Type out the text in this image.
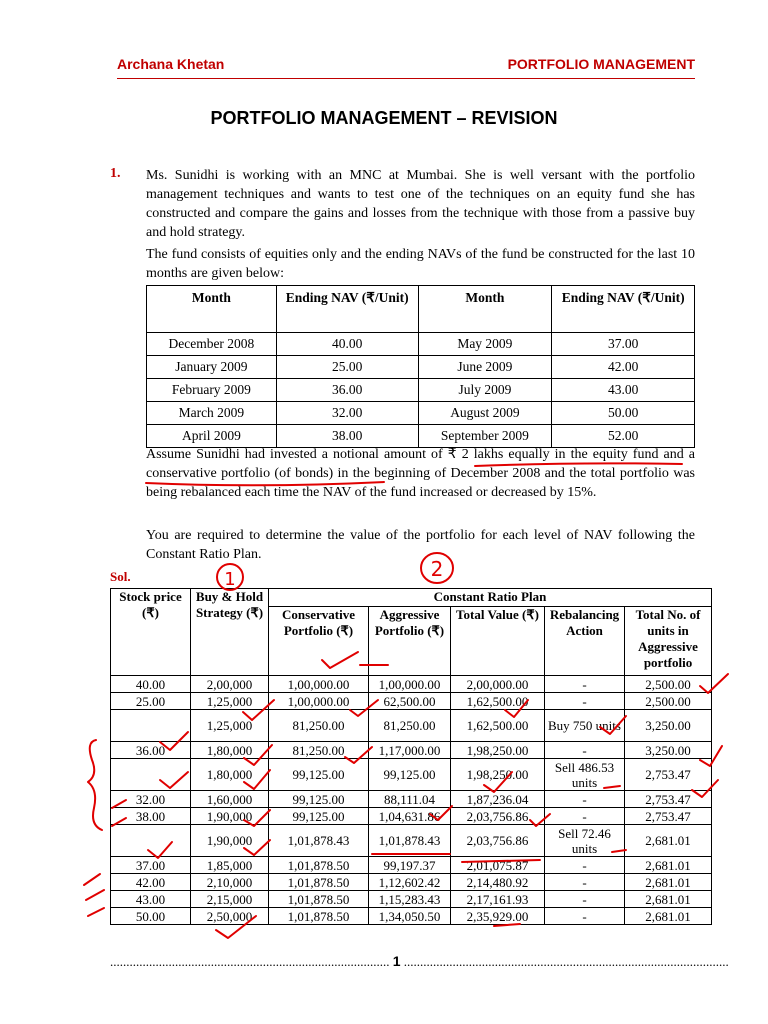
Archana Khetan	PORTFOLIO MANAGEMENT
PORTFOLIO MANAGEMENT – REVISION
1. Ms. Sunidhi is working with an MNC at Mumbai. She is well versant with the portfolio management techniques and wants to test one of the techniques on an equity fund she has constructed and compare the gains and losses from the technique with those from a passive buy and hold strategy.
The fund consists of equities only and the ending NAVs of the fund be constructed for the last 10 months are given below:
Month	Ending NAV (₹/Unit)	Month	Ending NAV (₹/Unit)
December 2008	40.00	May 2009	37.00
January 2009	25.00	June 2009	42.00
February 2009	36.00	July 2009	43.00
March 2009	32.00	August 2009	50.00
April 2009	38.00	September 2009	52.00
Assume Sunidhi had invested a notional amount of ₹ 2 lakhs equally in the equity fund and a conservative portfolio (of bonds) in the beginning of December 2008 and the total portfolio was being rebalanced each time the NAV of the fund increased or decreased by 15%.
You are required to determine the value of the portfolio for each level of NAV following the Constant Ratio Plan.
Sol.
Stock price (₹)	Buy & Hold Strategy (₹)	Constant Ratio Plan				
		Conservative Portfolio (₹)	Aggressive Portfolio (₹)	Total Value (₹)	Rebalancing Action	Total No. of units in Aggressive portfolio
40.00	2,00,000	1,00,000.00	1,00,000.00	2,00,000.00	-	2,500.00
25.00	1,25,000	1,00,000.00	62,500.00	1,62,500.00	-	2,500.00
	1,25,000	81,250.00	81,250.00	1,62,500.00	Buy 750 units	3,250.00
36.00	1,80,000	81,250.00	1,17,000.00	1,98,250.00	-	3,250.00
	1,80,000	99,125.00	99,125.00	1,98,250.00	Sell 486.53 units	2,753.47
32.00	1,60,000	99,125.00	88,111.04	1,87,236.04	-	2,753.47
38.00	1,90,000	99,125.00	1,04,631.86	2,03,756.86	-	2,753.47
	1,90,000	1,01,878.43	1,01,878.43	2,03,756.86	Sell 72.46 units	2,681.01
37.00	1,85,000	1,01,878.50	99,197.37	2,01,075.87	-	2,681.01
42.00	2,10,000	1,01,878.50	1,12,602.42	2,14,480.92	-	2,681.01
43.00	2,15,000	1,01,878.50	1,15,283.43	2,17,161.93	-	2,681.01
50.00	2,50,000	1,01,878.50	1,34,050.50	2,35,929.00	-	2,681.01
...................................................................................... 1 ....................................................................................................
1	2
